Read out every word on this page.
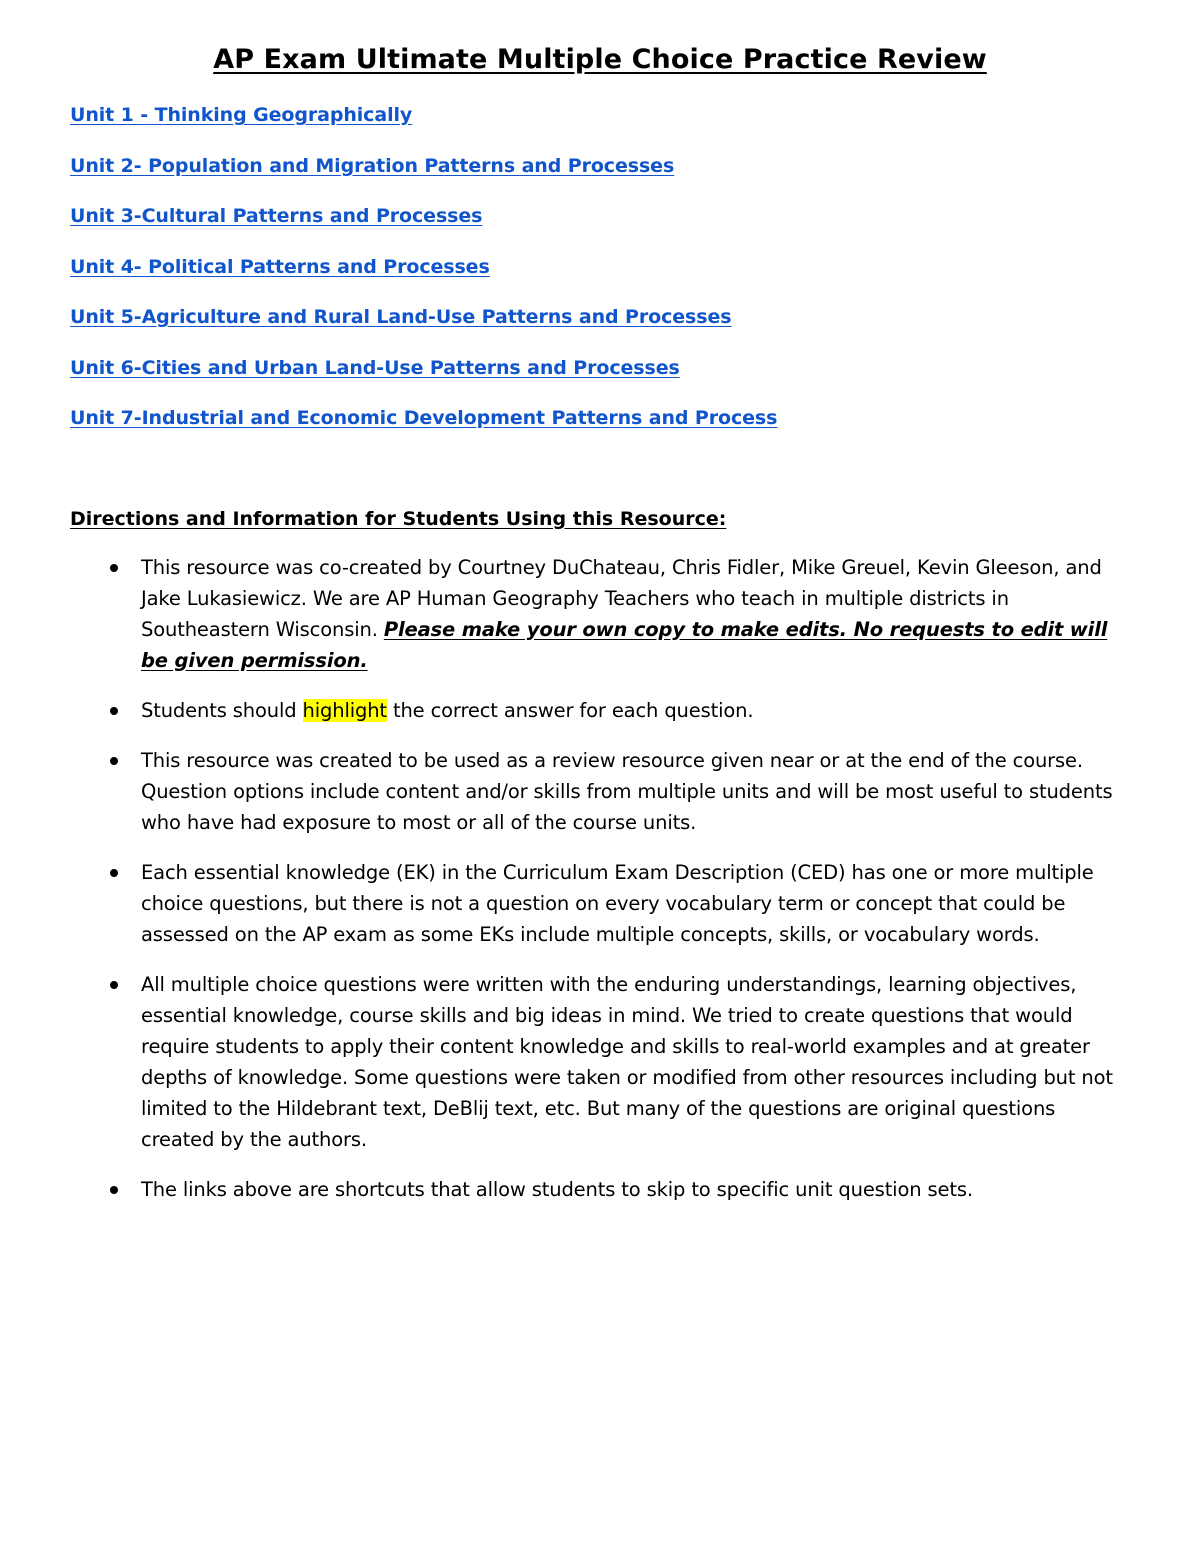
AP Exam Ultimate Multiple Choice Practice Review
Unit 1 - Thinking Geographically
Unit 2- Population and Migration Patterns and Processes
Unit 3-Cultural Patterns and Processes
Unit 4- Political Patterns and Processes
Unit 5-Agriculture and Rural Land-Use Patterns and Processes
Unit 6-Cities and Urban Land-Use Patterns and Processes
Unit 7-Industrial and Economic Development Patterns and Process
Directions and Information for Students Using this Resource:
This resource was co-created by Courtney DuChateau, Chris Fidler, Mike Greuel, Kevin Gleeson, and Jake Lukasiewicz. We are AP Human Geography Teachers who teach in multiple districts in Southeastern Wisconsin. Please make your own copy to make edits. No requests to edit will be given permission.
Students should highlight the correct answer for each question.
This resource was created to be used as a review resource given near or at the end of the course. Question options include content and/or skills from multiple units and will be most useful to students who have had exposure to most or all of the course units.
Each essential knowledge (EK) in the Curriculum Exam Description (CED) has one or more multiple choice questions, but there is not a question on every vocabulary term or concept that could be assessed on the AP exam as some EKs include multiple concepts, skills, or vocabulary words.
All multiple choice questions were written with the enduring understandings, learning objectives, essential knowledge, course skills and big ideas in mind. We tried to create questions that would require students to apply their content knowledge and skills to real-world examples and at greater depths of knowledge. Some questions were taken or modified from other resources including but not limited to the Hildebrant text, DeBlij text, etc. But many of the questions are original questions created by the authors.
The links above are shortcuts that allow students to skip to specific unit question sets.
